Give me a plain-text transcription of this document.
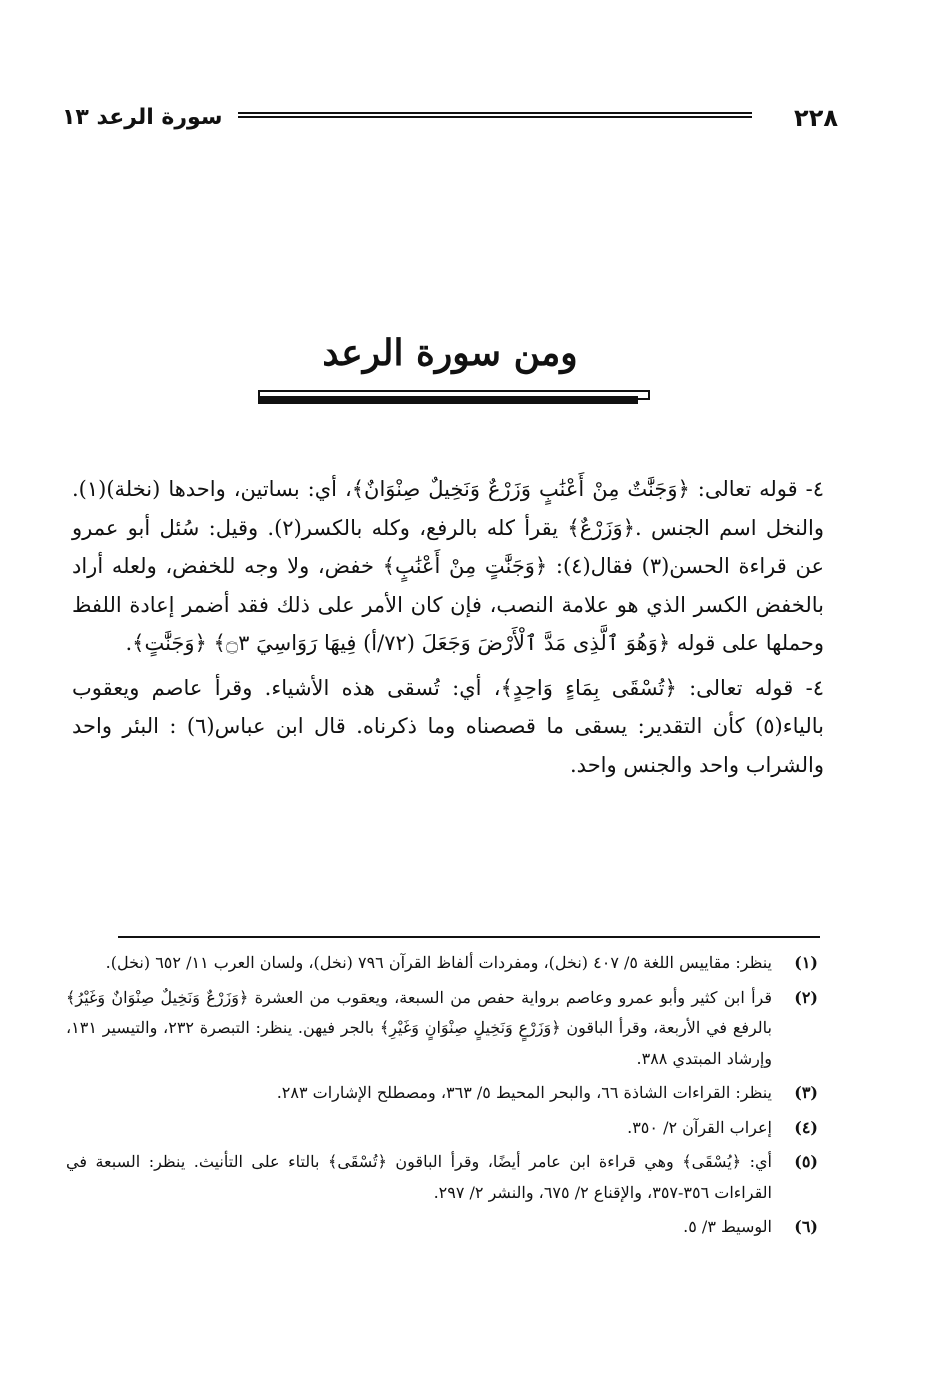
٢٢٨
سورة الرعد ١٣
ومن سورة الرعد

٤- قوله تعالى: ﴿وَجَنَّٰتٌ مِنْ أَعْنَٰبٍ وَزَرْعٌ وَنَخِيلٌ صِنْوَانٌ﴾، أي: بساتين، واحدها (نخلة)(١). والنخل اسم الجنس .﴿وَزَرْعٌ﴾ يقرأ كله بالرفع، وكله بالكسر(٢). وقيل: سُئل أبو عمرو عن قراءة الحسن(٣) فقال(٤): ﴿وَجَنَّٰتٍ مِنْ أَعْنَٰبٍ﴾ خفض، ولا وجه للخفض، ولعله أراد بالخفض الكسر الذي هو علامة النصب، فإن كان الأمر على ذلك فقد أضمر إعادة اللفظ وحملها على قوله ﴿وَهُوَ ٱلَّذِى مَدَّ ٱلْأَرْضَ وَجَعَلَ (٧٢/أ) فِيهَا رَوَاسِيَ ۝٣﴾ ﴿وَجَنَّٰتٍ﴾.

٤- قوله تعالى: ﴿تُسْقَى بِمَاءٍ وَاحِدٍ﴾، أي: تُسقى هذه الأشياء. وقرأ عاصم ويعقوب بالياء(٥) كأن التقدير: يسقى ما قصصناه وما ذكرناه. قال ابن عباس(٦) : البئر واحد والشراب واحد والجنس واحد.

(١)
ينظر: مقاييس اللغة ٥/ ٤٠٧ (نخل)، ومفردات ألفاظ القرآن ٧٩٦ (نخل)، ولسان العرب ١١/ ٦٥٢ (نخل).
(٢)
قرأ ابن كثير وأبو عمرو وعاصم برواية حفص من السبعة، ويعقوب من العشرة ﴿وَزَرْعٌ وَنَخِيلٌ صِنْوَانٌ وَغَيْرُ﴾ بالرفع في الأربعة، وقرأ الباقون ﴿وَزَرْعٍ وَنَخِيلٍ صِنْوَانٍ وَغَيْرِ﴾ بالجر فيهن. ينظر: التبصرة ٢٣٢، والتيسير ١٣١، وإرشاد المبتدي ٣٨٨.
(٣)
ينظر: القراءات الشاذة ٦٦، والبحر المحيط ٥/ ٣٦٣، ومصطلح الإشارات ٢٨٣.
(٤)
إعراب القرآن ٢/ ٣٥٠.
(٥)
أي: ﴿يُسْقَى﴾ وهي قراءة ابن عامر أيضًا، وقرأ الباقون ﴿تُسْقَى﴾ بالتاء على التأنيث. ينظر: السبعة في القراءات ٣٥٦-٣٥٧، والإقناع ٢/ ٦٧٥، والنشر ٢/ ٢٩٧.
(٦)
الوسيط ٣/ ٥.
